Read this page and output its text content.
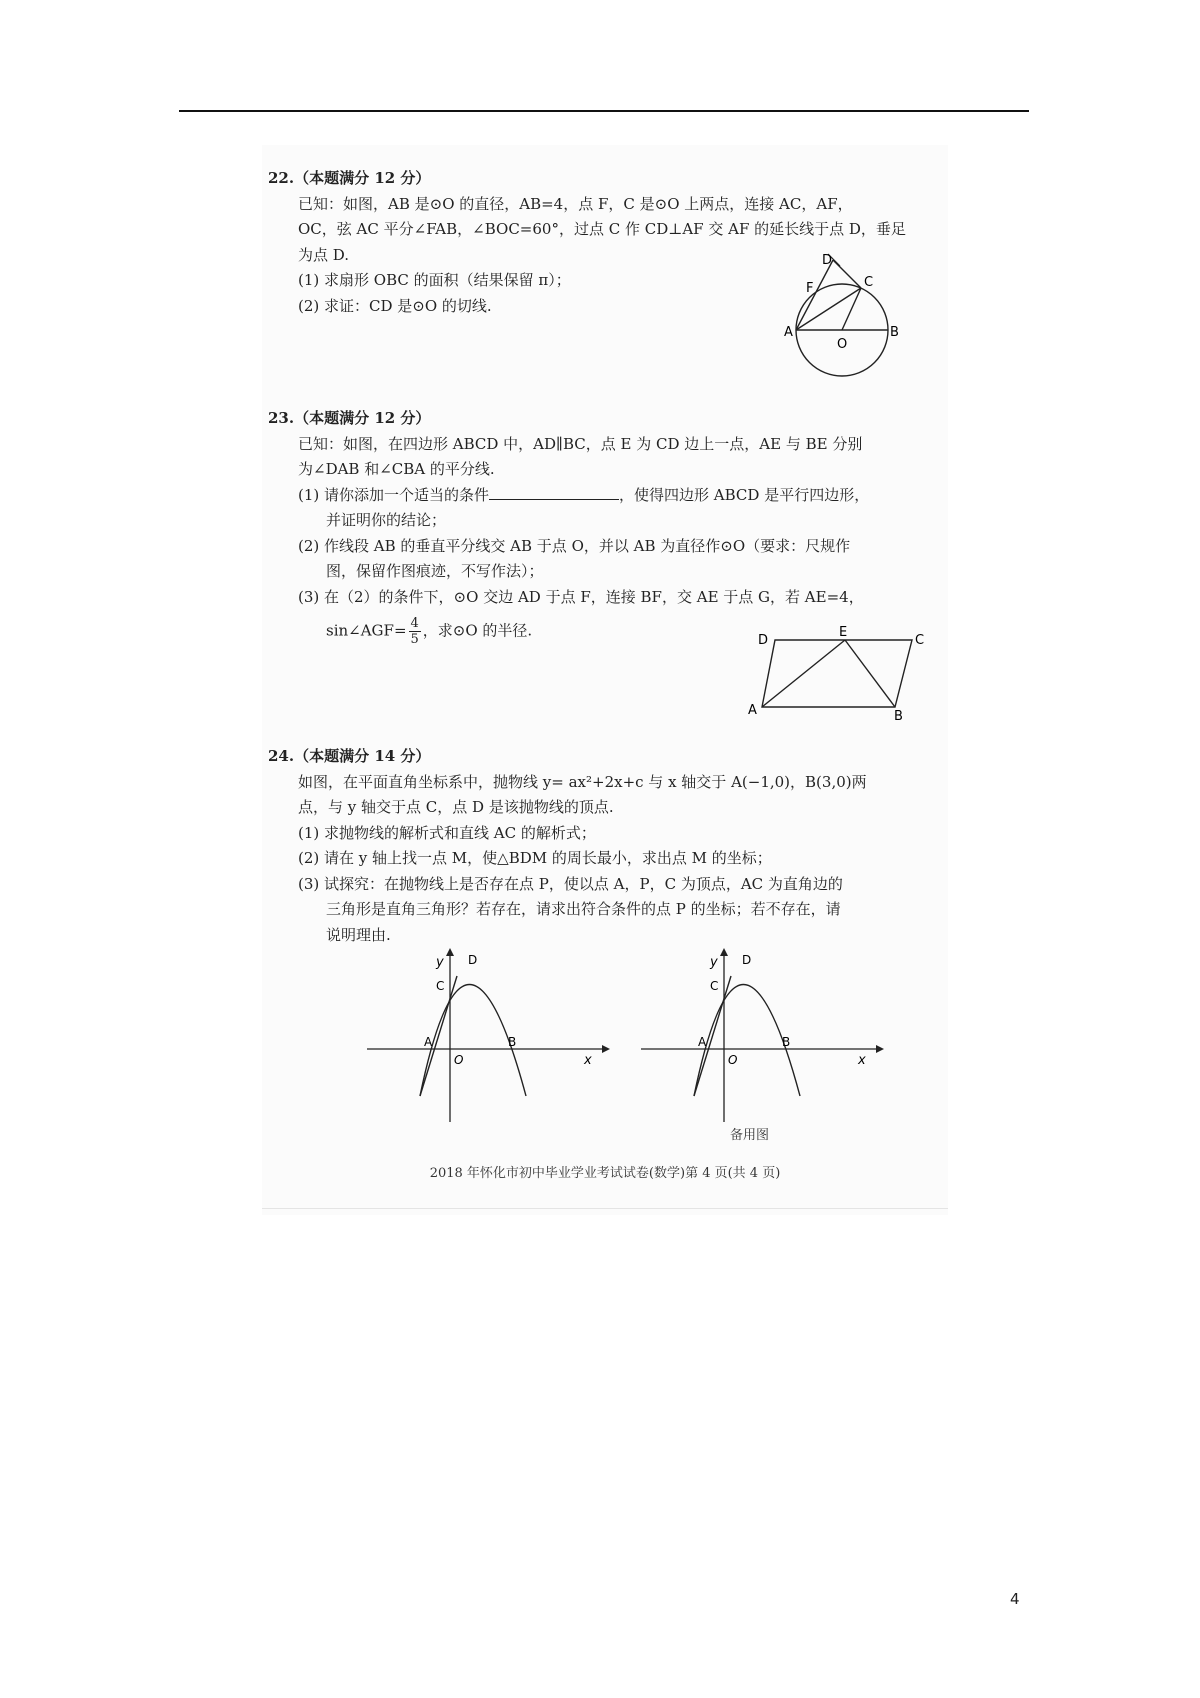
22.（本题满分 12 分）

已知：如图，AB 是⊙O 的直径，AB=4，点 F，C 是⊙O 上两点，连接 AC，AF，

OC，弦 AC 平分∠FAB，∠BOC=60°，过点 C 作 CD⊥AF 交 AF 的延长线于点 D，垂足

为点 D.

(1) 求扇形 OBC 的面积（结果保留 π）；

(2) 求证：CD 是⊙O 的切线.

D
F	C
A
O
B

23.（本题满分 12 分）

已知：如图，在四边形 ABCD 中，AD∥BC，点 E 为 CD 边上一点，AE 与 BE 分别

为∠DAB 和∠CBA 的平分线.

(1) 请你添加一个适当的条件	，使得四边形 ABCD 是平行四边形，

并证明你的结论；

(2) 作线段 AB 的垂直平分线交 AB 于点 O，并以 AB 为直径作⊙O（要求：尺规作

图，保留作图痕迹，不写作法）；

(3) 在（2）的条件下，⊙O 交边 AD 于点 F，连接 BF，交 AE 于点 G，若 AE=4，

sin∠AGF= $\frac{4}{5}$ ，求⊙O 的半径.

D
E
C
A	B

24.（本题满分 14 分）

如图，在平面直角坐标系中，抛物线 y= ax²+2x+c 与 x 轴交于 A(−1,0)，B(3,0)两

点，与 y 轴交于点 C，点 D 是该抛物线的顶点.

(1) 求抛物线的解析式和直线 AC 的解析式；

(2) 请在 y 轴上找一点 M，使△BDM 的周长最小，求出点 M 的坐标；

(3) 试探究：在抛物线上是否存在点 P，使以点 A，P，C 为顶点，AC 为直角边的

三角形是直角三角形？若存在，请求出符合条件的点 P 的坐标；若不存在，请

说明理由.

y D
C
A	B
O	x
y D
C
A	B
O	x
备用图
2018 年怀化市初中毕业学业考试试卷(数学)第 4 页(共 4 页)
4
